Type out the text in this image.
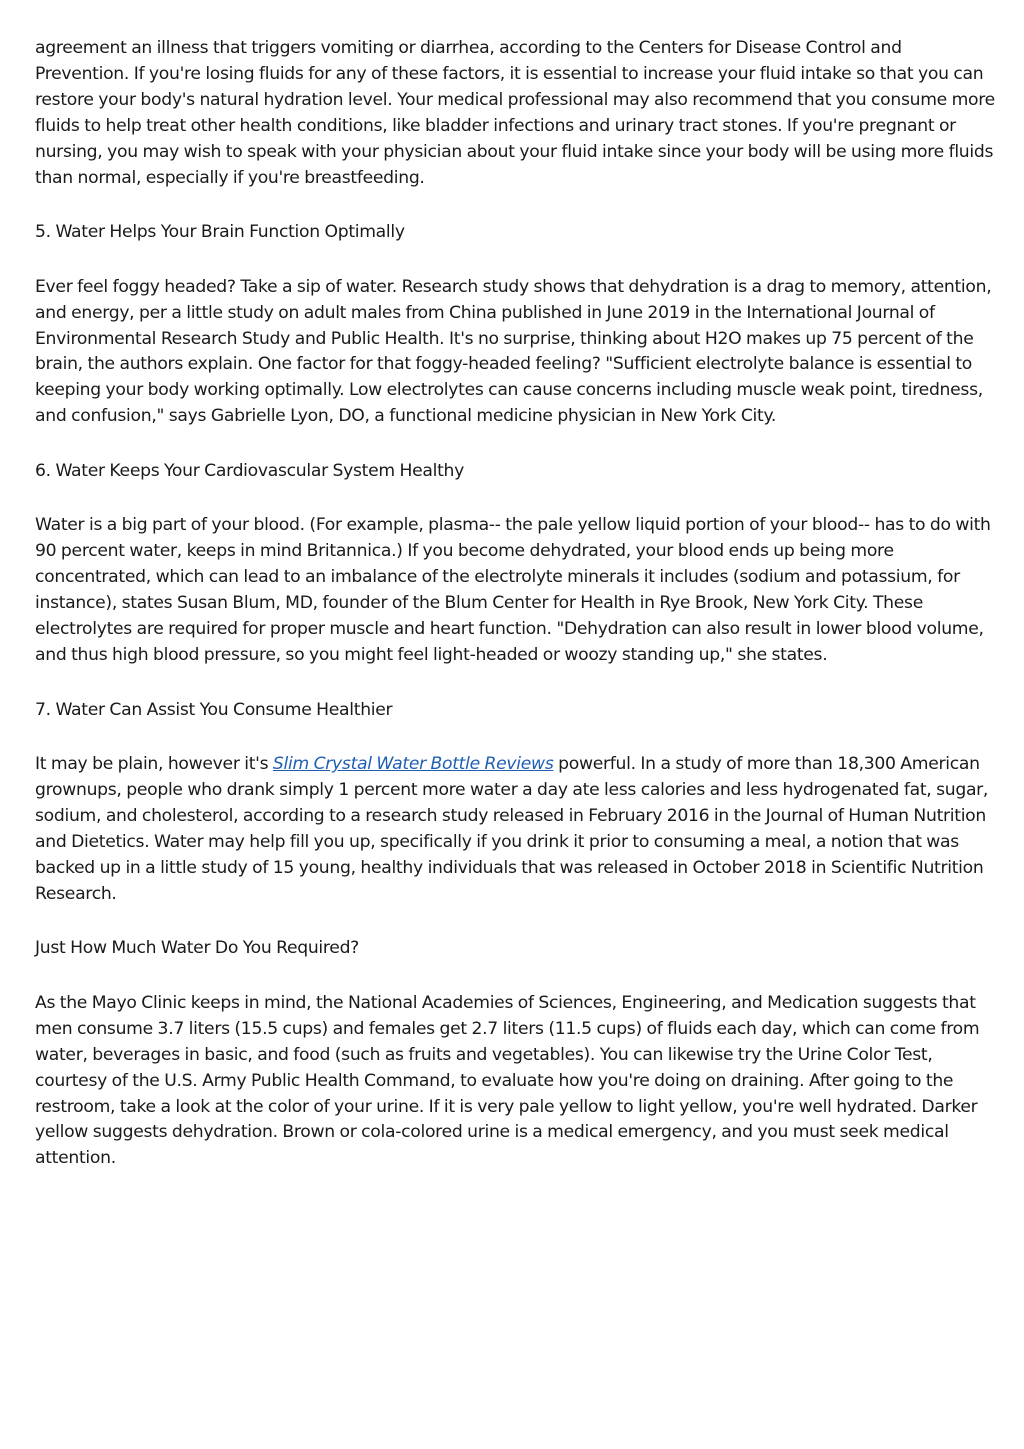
agreement an illness that triggers vomiting or diarrhea, according to the Centers for Disease Control and Prevention. If you're losing fluids for any of these factors, it is essential to increase your fluid intake so that you can restore your body's natural hydration level. Your medical professional may also recommend that you consume more fluids to help treat other health conditions, like bladder infections and urinary tract stones. If you're pregnant or nursing, you may wish to speak with your physician about your fluid intake since your body will be using more fluids than normal, especially if you're breastfeeding.

5. Water Helps Your Brain Function Optimally

Ever feel foggy headed? Take a sip of water. Research study shows that dehydration is a drag to memory, attention, and energy, per a little study on adult males from China published in June 2019 in the International Journal of Environmental Research Study and Public Health. It's no surprise, thinking about H2O makes up 75 percent of the brain, the authors explain. One factor for that foggy-headed feeling? "Sufficient electrolyte balance is essential to keeping your body working optimally. Low electrolytes can cause concerns including muscle weak point, tiredness, and confusion," says Gabrielle Lyon, DO, a functional medicine physician in New York City.

6. Water Keeps Your Cardiovascular System Healthy

Water is a big part of your blood. (For example, plasma-- the pale yellow liquid portion of your blood-- has to do with 90 percent water, keeps in mind Britannica.) If you become dehydrated, your blood ends up being more concentrated, which can lead to an imbalance of the electrolyte minerals it includes (sodium and potassium, for instance), states Susan Blum, MD, founder of the Blum Center for Health in Rye Brook, New York City. These electrolytes are required for proper muscle and heart function. "Dehydration can also result in lower blood volume, and thus high blood pressure, so you might feel light-headed or woozy standing up," she states.

7. Water Can Assist You Consume Healthier

It may be plain, however it's Slim Crystal Water Bottle Reviews powerful. In a study of more than 18,300 American grownups, people who drank simply 1 percent more water a day ate less calories and less hydrogenated fat, sugar, sodium, and cholesterol, according to a research study released in February 2016 in the Journal of Human Nutrition and Dietetics. Water may help fill you up, specifically if you drink it prior to consuming a meal, a notion that was backed up in a little study of 15 young, healthy individuals that was released in October 2018 in Scientific Nutrition Research.

Just How Much Water Do You Required?

As the Mayo Clinic keeps in mind, the National Academies of Sciences, Engineering, and Medication suggests that men consume 3.7 liters (15.5 cups) and females get 2.7 liters (11.5 cups) of fluids each day, which can come from water, beverages in basic, and food (such as fruits and vegetables). You can likewise try the Urine Color Test, courtesy of the U.S. Army Public Health Command, to evaluate how you're doing on draining. After going to the restroom, take a look at the color of your urine. If it is very pale yellow to light yellow, you're well hydrated. Darker yellow suggests dehydration. Brown or cola-colored urine is a medical emergency, and you must seek medical attention.
